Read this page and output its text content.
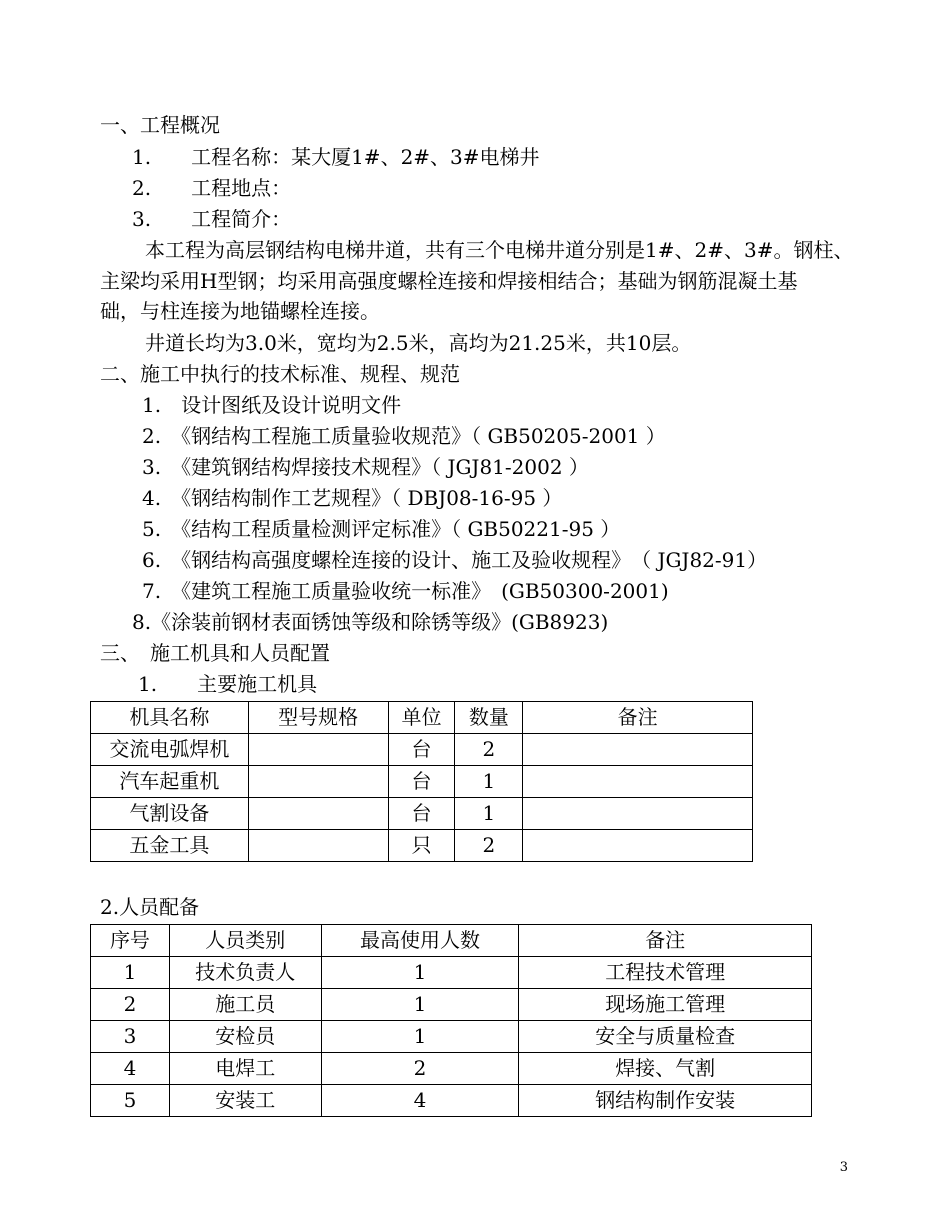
一、工程概况
1.　　工程名称：某大厦1#、2#、3#电梯井
2.　　工程地点：
3.　　工程简介：
本工程为高层钢结构电梯井道，共有三个电梯井道分别是1#、2#、3#。钢柱、
主梁均采用H型钢；均采用高强度螺栓连接和焊接相结合；基础为钢筋混凝土基
础，与柱连接为地锚螺栓连接。
井道长均为3.0米，宽均为2.5米，高均为21.25米，共10层。
二、施工中执行的技术标准、规程、规范
1.　设计图纸及设计说明文件
2.　《钢结构工程施工质量验收规范》（ GB50205-2001 ）
3.　《建筑钢结构焊接技术规程》（ JGJ81-2002 ）
4.　《钢结构制作工艺规程》（ DBJ08-16-95 ）
5.　《结构工程质量检测评定标准》（ GB50221-95 ）
6.　《钢结构高强度螺栓连接的设计、施工及验收规程》　（ JGJ82-91）
7.　《建筑工程施工质量验收统一标准》　(GB50300-2001)
8.《涂装前钢材表面锈蚀等级和除锈等级》(GB8923)
三、　施工机具和人员配置
1.　　主要施工机具
机具名称	型号规格	单位	数量	备注
交流电弧焊机		台	2	
汽车起重机		台	1	
气割设备		台	1	
五金工具		只	2	
2.人员配备
序号	人员类别	最高使用人数	备注
1	技术负责人	1	工程技术管理
2	施工员	1	现场施工管理
3	安检员	1	安全与质量检查
4	电焊工	2	焊接、气割
5	安装工	4	钢结构制作安装
3
